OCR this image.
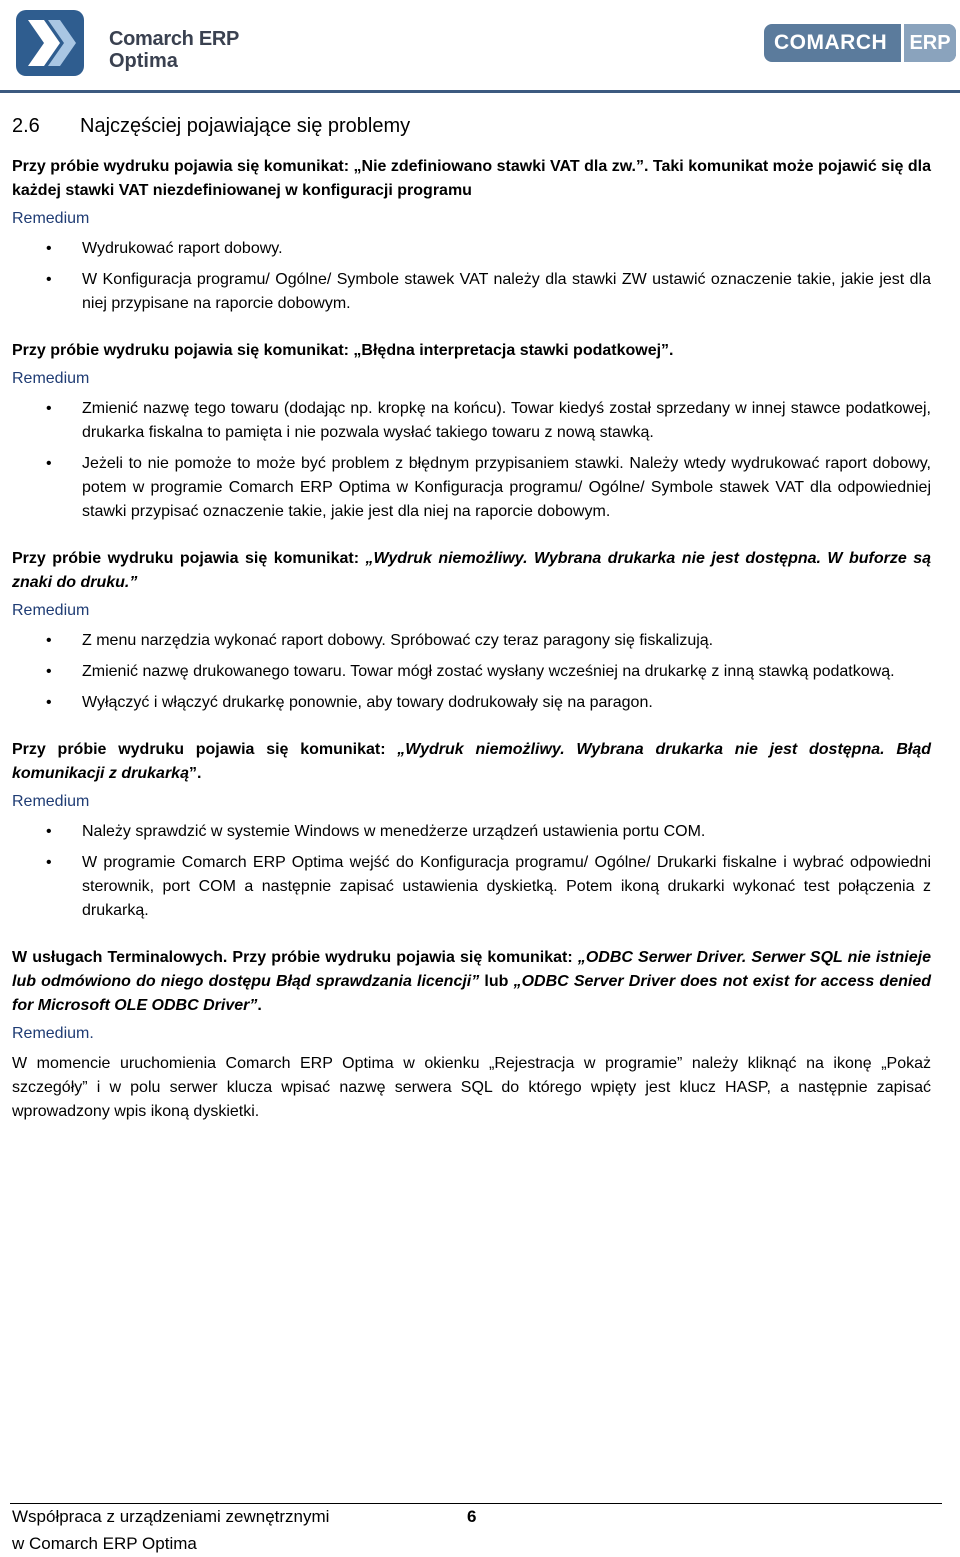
Comarch ERP
Optima
COMARCH	ERP
2.6 Najczęściej pojawiające się problemy

Przy próbie wydruku pojawia się komunikat: „Nie zdefiniowano stawki VAT dla zw.”. Taki komunikat może pojawić się dla każdej stawki VAT niezdefiniowanej w konfiguracji programu

Remedium
• Wydrukować raport dobowy.
• W Konfiguracja programu/ Ogólne/ Symbole stawek VAT należy dla stawki ZW ustawić oznaczenie takie, jakie jest dla niej przypisane na raporcie dobowym.

Przy próbie wydruku pojawia się komunikat: „Błędna interpretacja stawki podatkowej”.

Remedium
• Zmienić nazwę tego towaru (dodając np. kropkę na końcu). Towar kiedyś został sprzedany w innej stawce podatkowej, drukarka fiskalna to pamięta i nie pozwala wysłać takiego towaru z nową stawką.
• Jeżeli to nie pomoże to może być problem z błędnym przypisaniem stawki. Należy wtedy wydrukować raport dobowy, potem w programie Comarch ERP Optima w Konfiguracja programu/ Ogólne/ Symbole stawek VAT dla odpowiedniej stawki przypisać oznaczenie takie, jakie jest dla niej na raporcie dobowym.

Przy próbie wydruku pojawia się komunikat: „Wydruk niemożliwy. Wybrana drukarka nie jest dostępna. W buforze są znaki do druku.”

Remedium
• Z menu narzędzia wykonać raport dobowy. Spróbować czy teraz paragony się fiskalizują.
• Zmienić nazwę drukowanego towaru. Towar mógł zostać wysłany wcześniej na drukarkę z inną stawką podatkową.
• Wyłączyć i włączyć drukarkę ponownie, aby towary dodrukowały się na paragon.

Przy próbie wydruku pojawia się komunikat: „Wydruk niemożliwy. Wybrana drukarka nie jest dostępna. Błąd komunikacji z drukarką”.

Remedium
• Należy sprawdzić w systemie Windows w menedżerze urządzeń ustawienia portu COM.
• W programie Comarch ERP Optima wejść do Konfiguracja programu/ Ogólne/ Drukarki fiskalne i wybrać odpowiedni sterownik, port COM a następnie zapisać ustawienia dyskietką. Potem ikoną drukarki wykonać test połączenia z drukarką.

W usługach Terminalowych. Przy próbie wydruku pojawia się komunikat: „ODBC Serwer Driver. Serwer SQL nie istnieje lub odmówiono do niego dostępu Błąd sprawdzania licencji” lub „ODBC Server Driver does not exist for access denied for Microsoft OLE ODBC Driver”.

Remedium.

W momencie uruchomienia Comarch ERP Optima w okienku „Rejestracja w programie” należy kliknąć na ikonę „Pokaż szczegóły” i w polu serwer klucza wpisać nazwę serwera SQL do którego wpięty jest klucz HASP, a następnie zapisać wprowadzony wpis ikoną dyskietki.

Współpraca z urządzeniami zewnętrznymi
w Comarch ERP Optima
6
